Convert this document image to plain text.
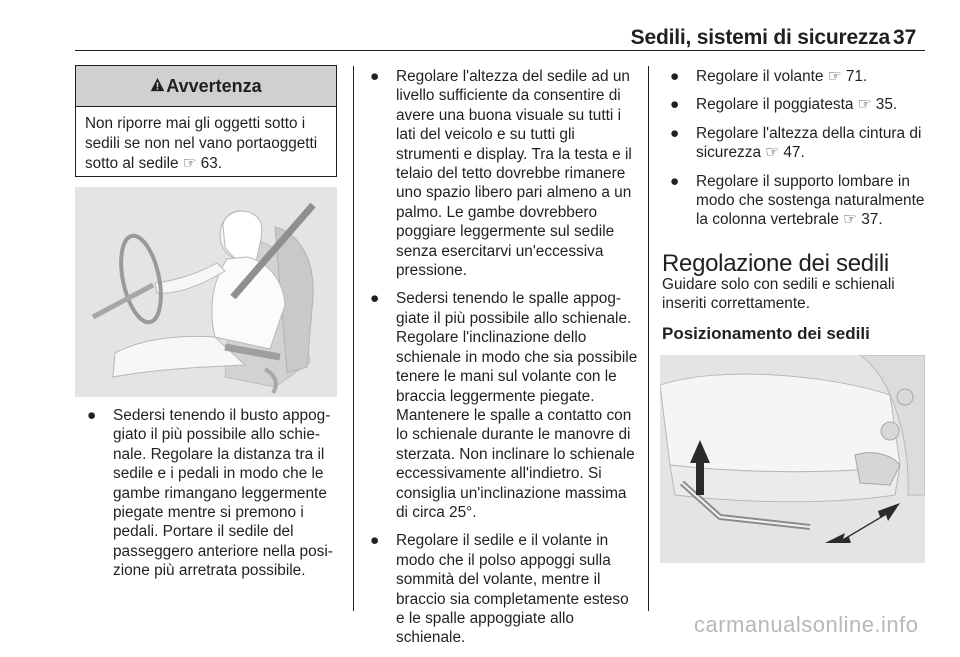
Sedili, sistemi di sicurezza 37
Avvertenza
Non riporre mai gli oggetti sotto i sedili se non nel vano portaoggetti sotto al sedile ☞ 63.
● Sedersi tenendo il busto appoggiato il più possibile allo schienale. Regolare la distanza tra il sedile e i pedali in modo che le gambe rimangano leggermente piegate mentre si premono i pedali. Portare il sedile del passeggero anteriore nella posizione più arretrata possibile.
● Regolare l'altezza del sedile ad un livello sufficiente da consentire di avere una buona visuale su tutti i lati del veicolo e su tutti gli strumenti e display. Tra la testa e il telaio del tetto dovrebbe rimanere uno spazio libero pari almeno a un palmo. Le gambe dovrebbero poggiare leggermente sul sedile senza esercitarvi un'eccessiva pressione.
● Sedersi tenendo le spalle appoggiate il più possibile allo schienale. Regolare l'inclinazione dello schienale in modo che sia possibile tenere le mani sul volante con le braccia leggermente piegate. Mantenere le spalle a contatto con lo schienale durante le manovre di sterzata. Non inclinare lo schienale eccessivamente all'indietro. Si consiglia un'inclinazione massima di circa 25°.
● Regolare il sedile e il volante in modo che il polso appoggi sulla sommità del volante, mentre il braccio sia completamente esteso e le spalle appoggiate allo schienale.
● Regolare il volante ☞ 71.
● Regolare il poggiatesta ☞ 35.
● Regolare l'altezza della cintura di sicurezza ☞ 47.
● Regolare il supporto lombare in modo che sostenga naturalmente la colonna vertebrale ☞ 37.
Regolazione dei sedili
Guidare solo con sedili e schienali inseriti correttamente.
Posizionamento dei sedili
carmanualsonline.info
